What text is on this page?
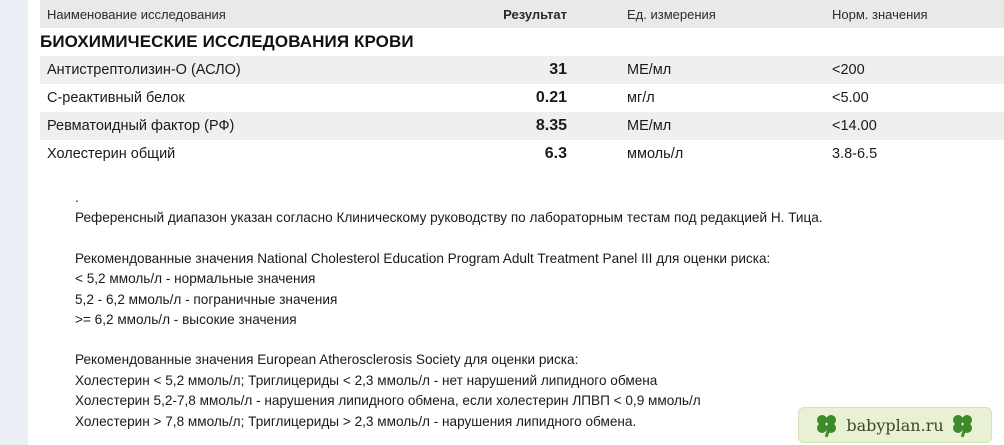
Наименование исследования	Результат	Ед. измерения	Норм. значения
БИОХИМИЧЕСКИЕ ИССЛЕДОВАНИЯ КРОВИ			
Антистрептолизин-О (АСЛО)	31	МЕ/мл	<200
С-реактивный белок	0.21	мг/л	<5.00
Ревматоидный фактор (РФ)	8.35	МЕ/мл	<14.00
Холестерин общий	6.3	ммоль/л	3.8-6.5

.

Референсный диапазон указан согласно Клиническому руководству по лабораторным тестам под редакцией Н. Тица.

Рекомендованные значения National Cholesterol Education Program Adult Treatment Panel III для оценки риска:

< 5,2 ммоль/л - нормальные значения

5,2 - 6,2 ммоль/л - пограничные значения

>= 6,2 ммоль/л - высокие значения

Рекомендованные значения European Atherosclerosis Society для оценки риска:

Холестерин < 5,2 ммоль/л; Триглицериды < 2,3 ммоль/л - нет нарушений липидного обмена

Холестерин 5,2-7,8 ммоль/л - нарушения липидного обмена, если холестерин ЛПВП < 0,9 ммоль/л

Холестерин > 7,8 ммоль/л; Триглицериды > 2,3 ммоль/л - нарушения липидного обмена.	babyplan.ru
